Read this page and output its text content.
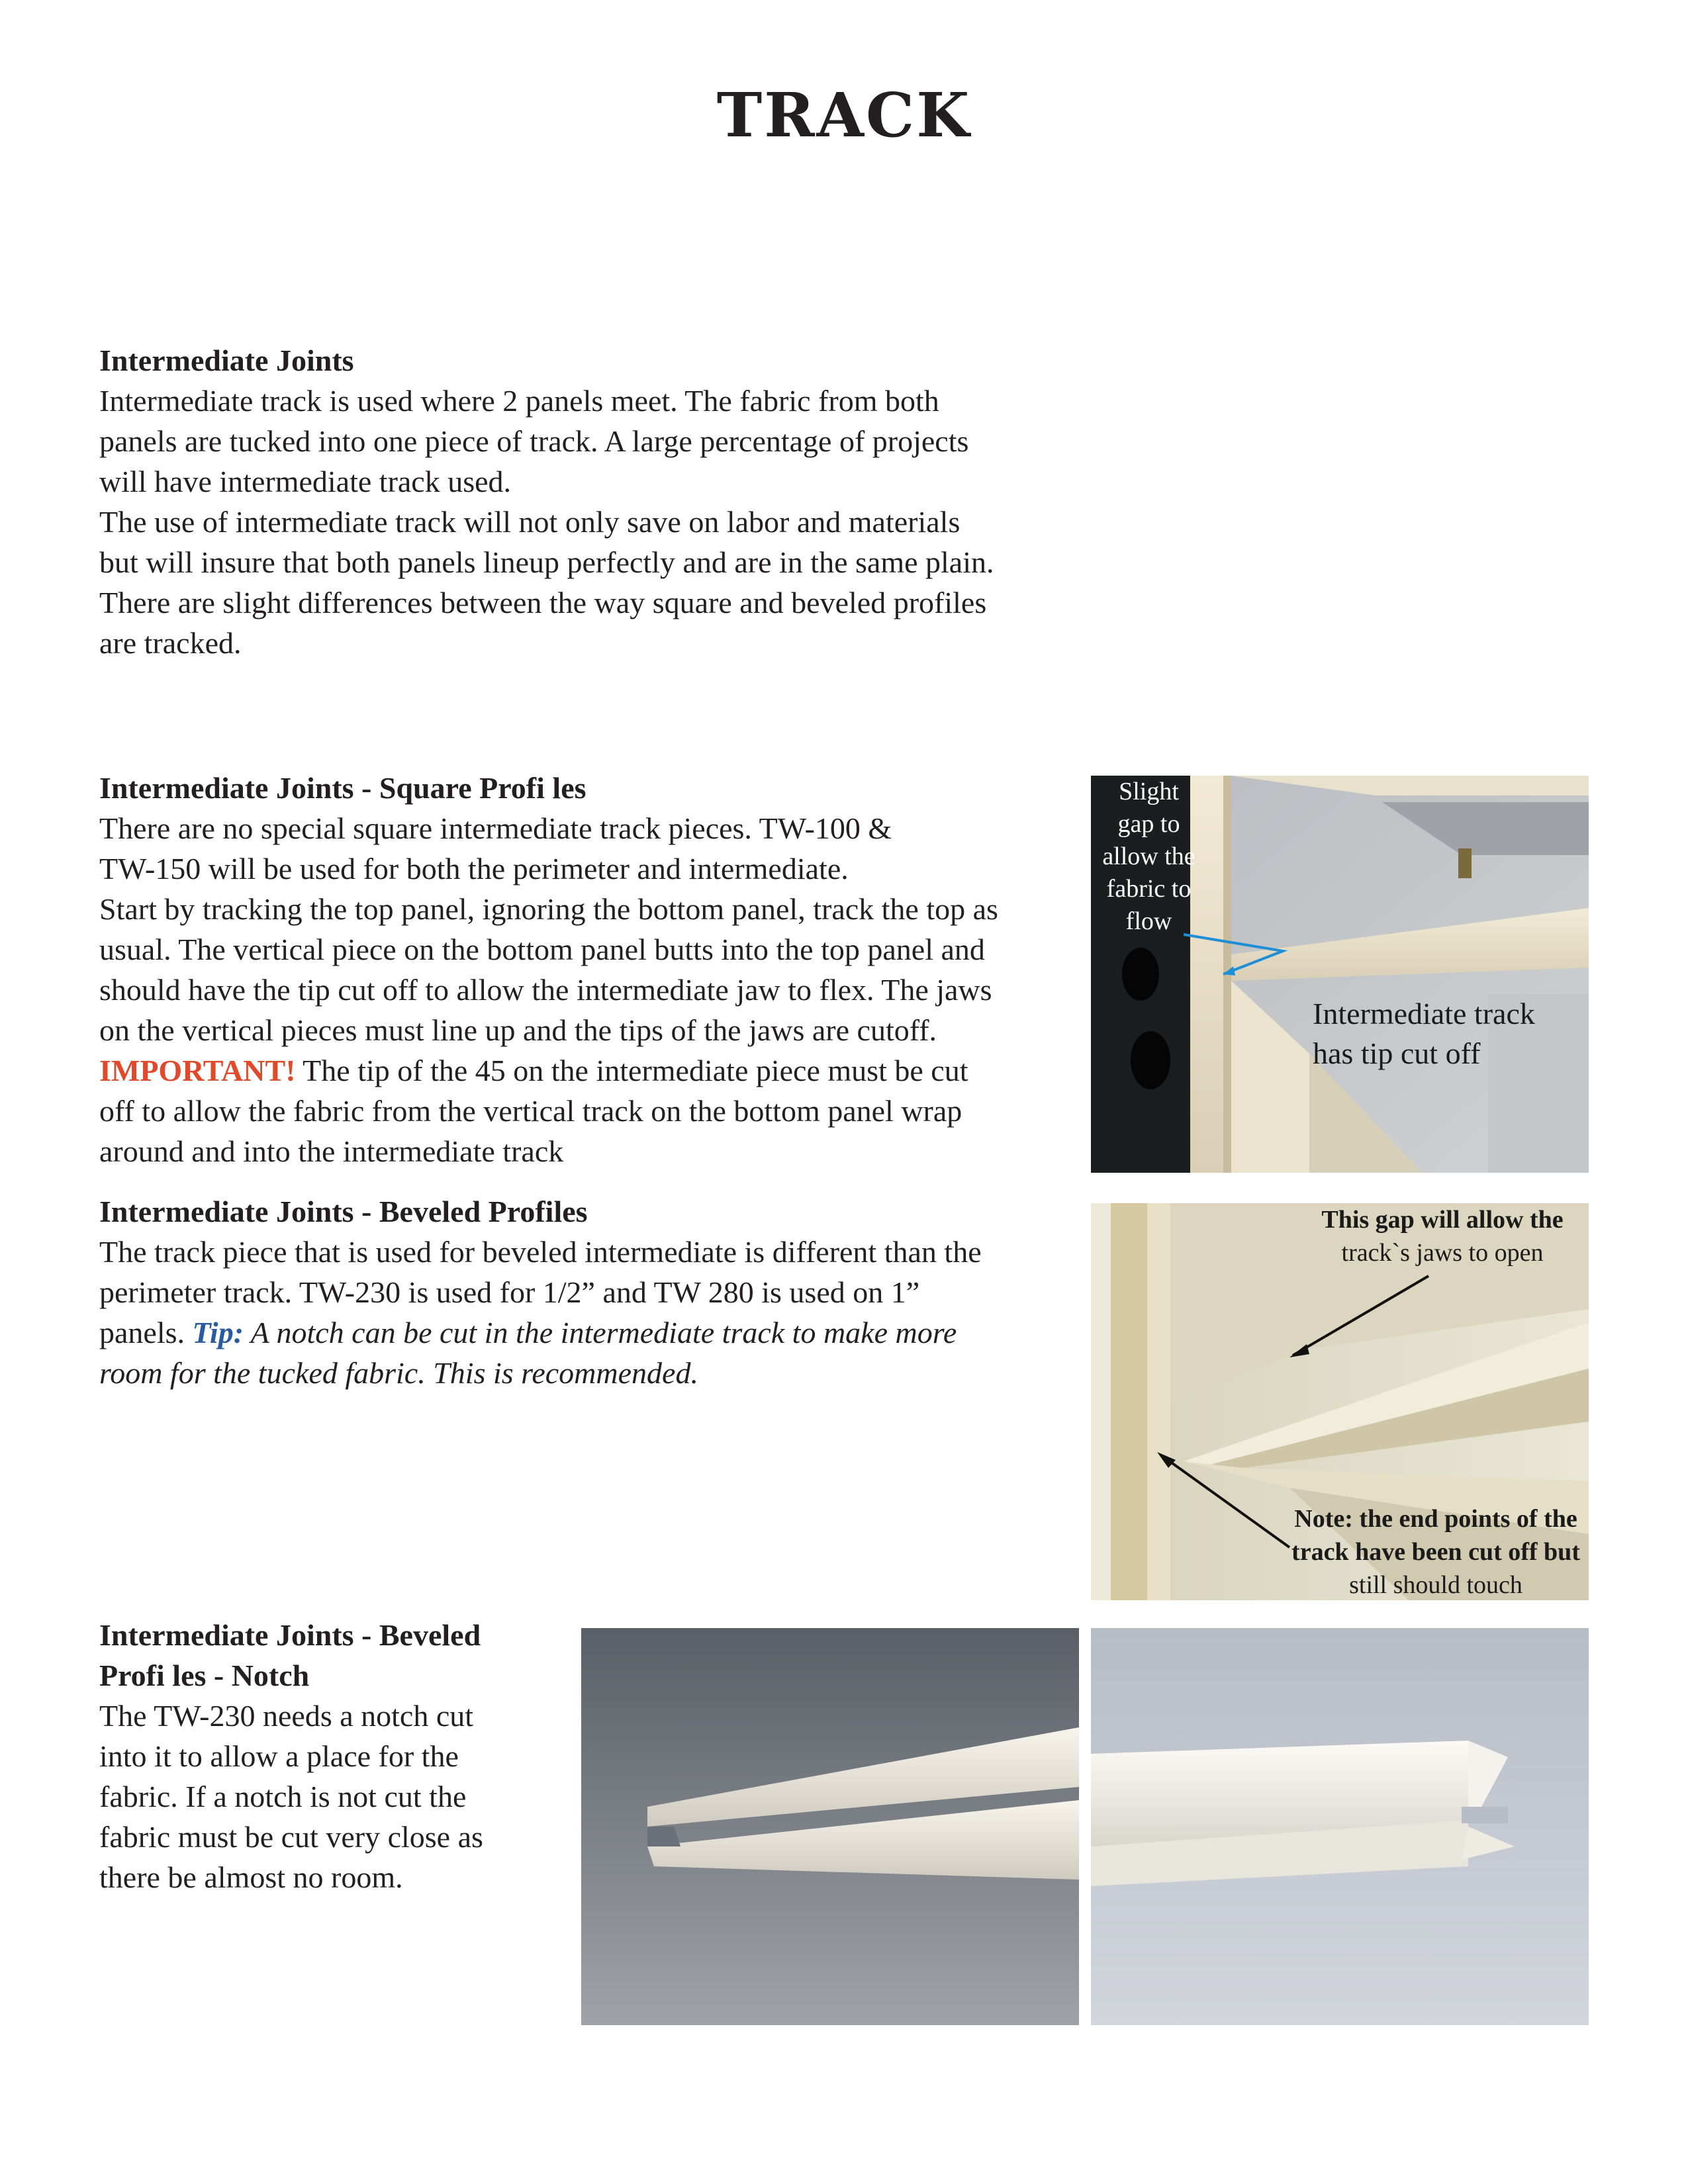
TRACK
Intermediate Joints

Intermediate track is used where 2 panels meet. The fabric from both

panels are tucked into one piece of track. A large percentage of projects

will have intermediate track used.

The use of intermediate track will not only save on labor and materials

but will insure that both panels lineup perfectly and are in the same plain.

There are slight differences between the way square and beveled profiles

are tracked.

Intermediate Joints - Square Profi les

There are no special square intermediate track pieces. TW-100 &

TW-150 will be used for both the perimeter and intermediate.

Start by tracking the top panel, ignoring the bottom panel, track the top as

usual. The vertical piece on the bottom panel butts into the top panel and

should have the tip cut off to allow the intermediate jaw to flex. The jaws

on the vertical pieces must line up and the tips of the jaws are cutoff.

IMPORTANT! The tip of the 45 on the intermediate piece must be cut

off to allow the fabric from the vertical track on the bottom panel wrap

around and into the intermediate track

Intermediate Joints - Beveled Profiles

The track piece that is used for beveled intermediate is different than the

perimeter track. TW-230 is used for 1/2” and TW 280 is used on 1”

panels. Tip: A notch can be cut in the intermediate track to make more

room for the tucked fabric. This is recommended.

Intermediate Joints - Beveled
Profi les - Notch

The TW-230 needs a notch cut

into it to allow a place for the

fabric. If a notch is not cut the

fabric must be cut very close as

there be almost no room.

Slight
gap to
allow the
fabric to
flow
Intermediate track
has tip cut off
This gap will allow the
track`s jaws to open
Note: the end points of the
track have been cut off but
still should touch
